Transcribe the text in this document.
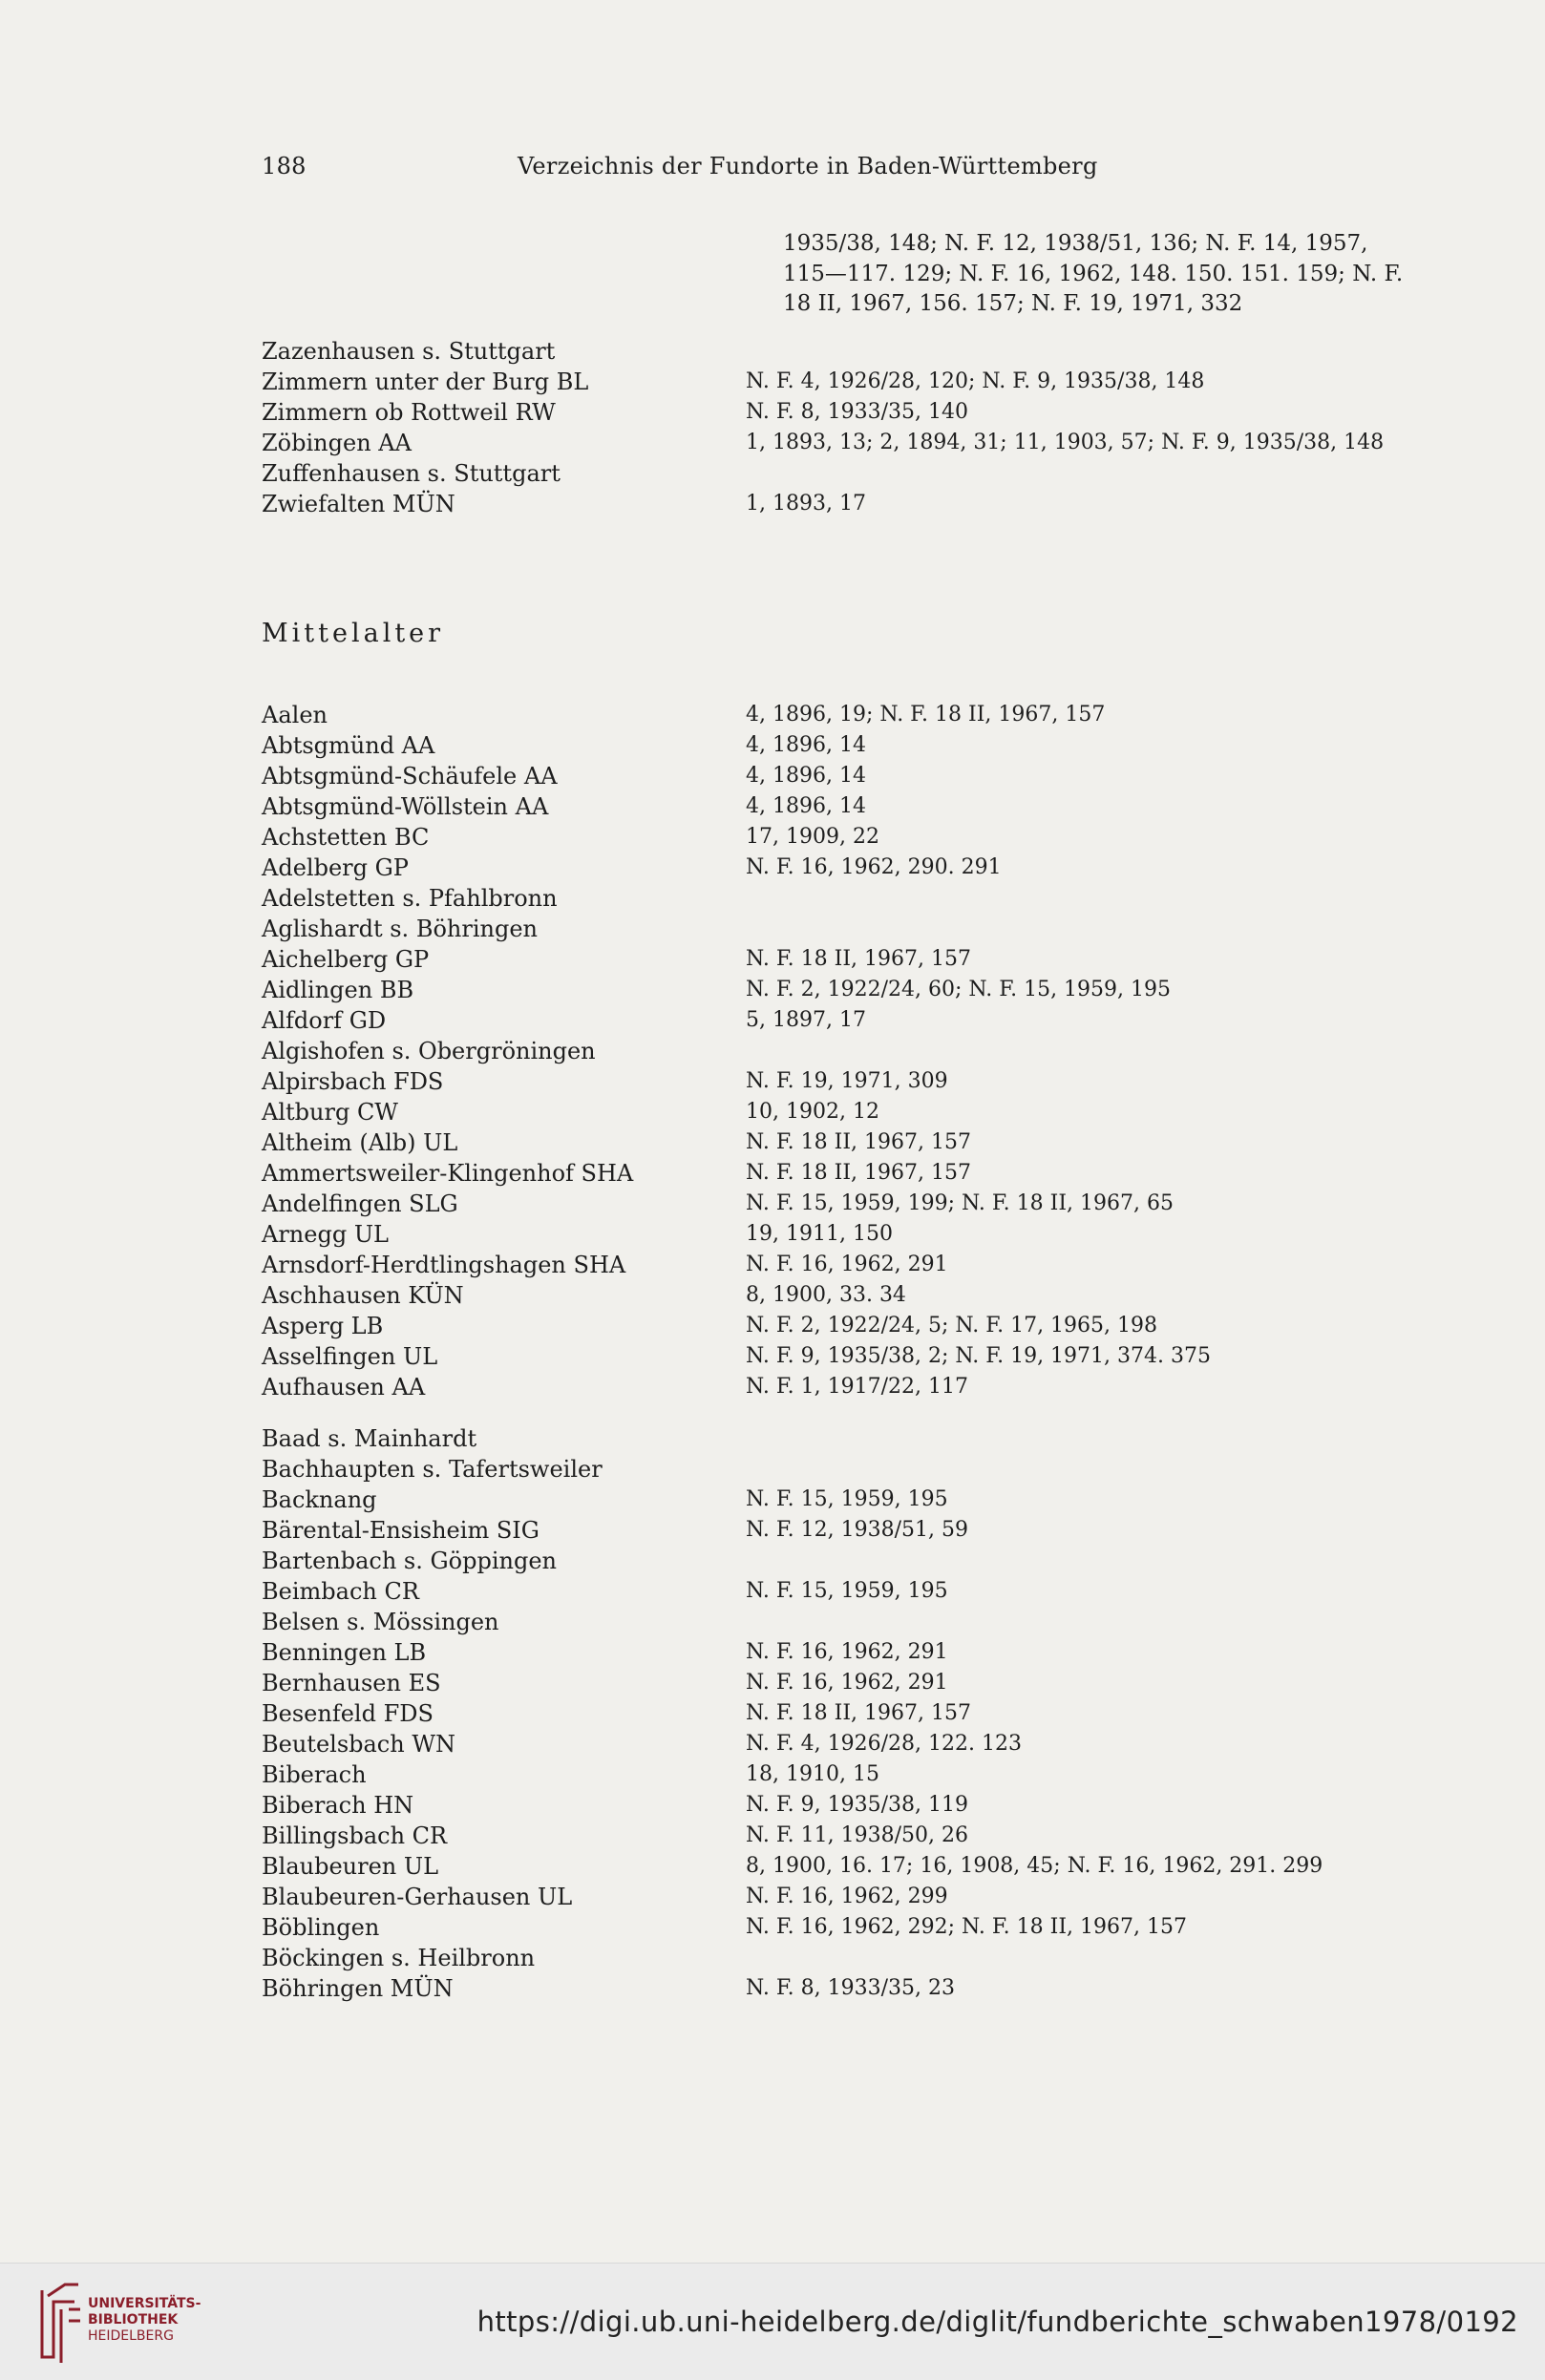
188	Verzeichnis der Fundorte in Baden-Württemberg
1935/38, 148; N. F. 12, 1938/51, 136; N. F. 14, 1957, 115—117. 129; N. F. 16, 1962, 148. 150. 151. 159; N. F. 18 II, 1967, 156. 157; N. F. 19, 1971, 332
Zazenhausen s. Stuttgart
Zimmern unter der Burg BL	N. F. 4, 1926/28, 120; N. F. 9, 1935/38, 148
Zimmern ob Rottweil RW	N. F. 8, 1933/35, 140
Zöbingen AA	1, 1893, 13; 2, 1894, 31; 11, 1903, 57; N. F. 9, 1935/38, 148
Zuffenhausen s. Stuttgart
Zwiefalten MÜN	1, 1893, 17
Mittelalter
Aalen	4, 1896, 19; N. F. 18 II, 1967, 157
Abtsgmünd AA	4, 1896, 14
Abtsgmünd-Schäufele AA	4, 1896, 14
Abtsgmünd-Wöllstein AA	4, 1896, 14
Achstetten BC	17, 1909, 22
Adelberg GP	N. F. 16, 1962, 290. 291
Adelstetten s. Pfahlbronn
Aglishardt s. Böhringen
Aichelberg GP	N. F. 18 II, 1967, 157
Aidlingen BB	N. F. 2, 1922/24, 60; N. F. 15, 1959, 195
Alfdorf GD	5, 1897, 17
Algishofen s. Obergröningen
Alpirsbach FDS	N. F. 19, 1971, 309
Altburg CW	10, 1902, 12
Altheim (Alb) UL	N. F. 18 II, 1967, 157
Ammertsweiler-Klingenhof SHA	N. F. 18 II, 1967, 157
Andelfingen SLG	N. F. 15, 1959, 199; N. F. 18 II, 1967, 65
Arnegg UL	19, 1911, 150
Arnsdorf-Herdtlingshagen SHA	N. F. 16, 1962, 291
Aschhausen KÜN	8, 1900, 33. 34
Asperg LB	N. F. 2, 1922/24, 5; N. F. 17, 1965, 198
Asselfingen UL	N. F. 9, 1935/38, 2; N. F. 19, 1971, 374. 375
Aufhausen AA	N. F. 1, 1917/22, 117
Baad s. Mainhardt
Bachhaupten s. Tafertsweiler
Backnang	N. F. 15, 1959, 195
Bärental-Ensisheim SIG	N. F. 12, 1938/51, 59
Bartenbach s. Göppingen
Beimbach CR	N. F. 15, 1959, 195
Belsen s. Mössingen
Benningen LB	N. F. 16, 1962, 291
Bernhausen ES	N. F. 16, 1962, 291
Besenfeld FDS	N. F. 18 II, 1967, 157
Beutelsbach WN	N. F. 4, 1926/28, 122. 123
Biberach	18, 1910, 15
Biberach HN	N. F. 9, 1935/38, 119
Billingsbach CR	N. F. 11, 1938/50, 26
Blaubeuren UL	8, 1900, 16. 17; 16, 1908, 45; N. F. 16, 1962, 291. 299
Blaubeuren-Gerhausen UL	N. F. 16, 1962, 299
Böblingen	N. F. 16, 1962, 292; N. F. 18 II, 1967, 157
Böckingen s. Heilbronn
Böhringen MÜN	N. F. 8, 1933/35, 23
UNIVERSITÄTS-
BIBLIOTHEK
HEIDELBERG	https://digi.ub.uni-heidelberg.de/diglit/fundberichte_schwaben1978/0192
